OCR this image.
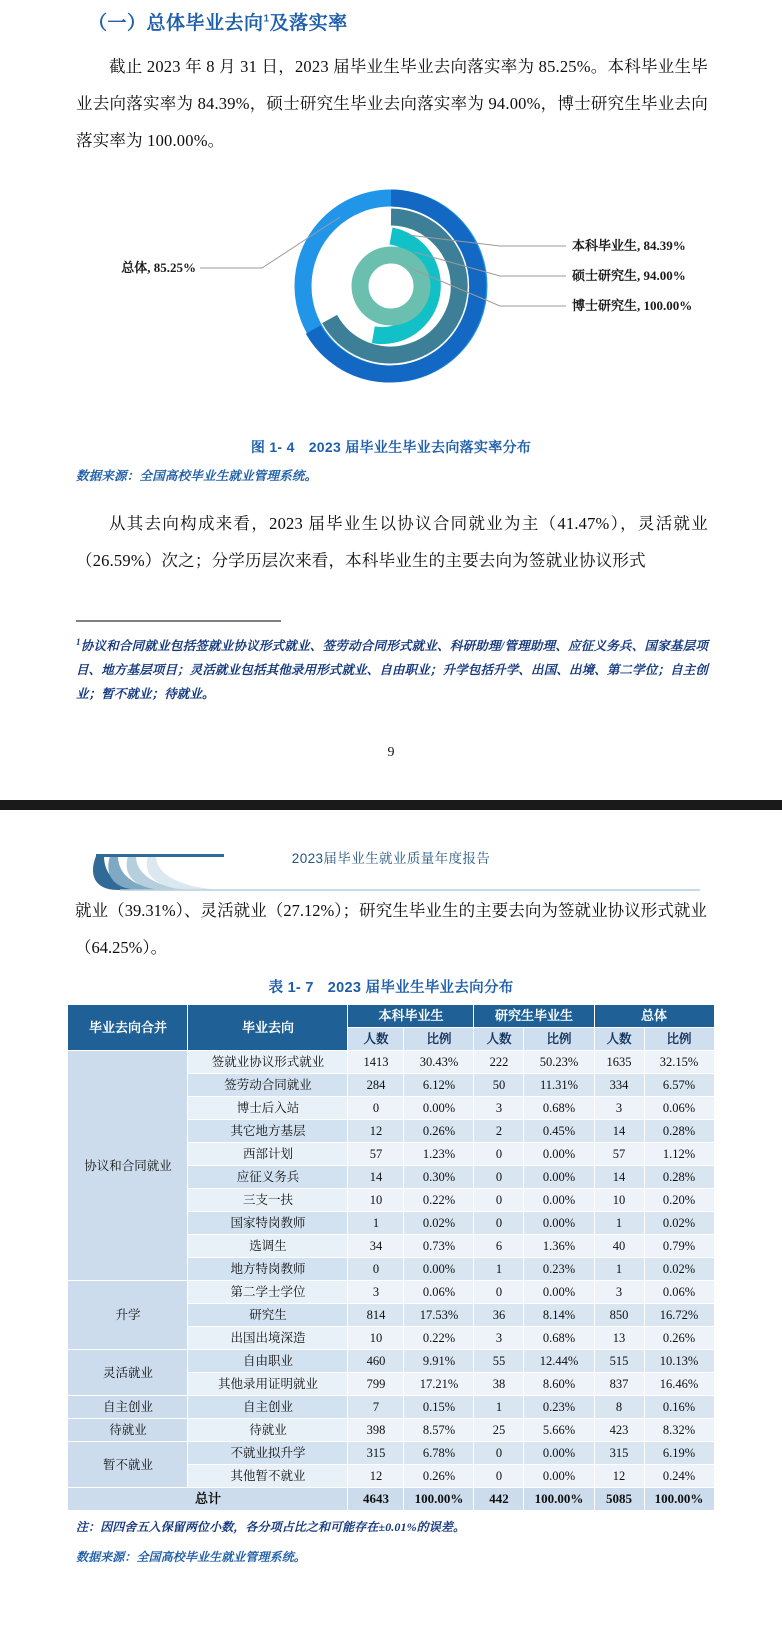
（一）总体毕业去向$^1$及落实率
截止 2023 年 8 月 31 日，2023 届毕业生毕业去向落实率为 85.25%。本科毕业生毕业去向落实率为 84.39%，硕士研究生毕业去向落实率为 94.00%，博士研究生毕业去向落实率为 100.00%。
总体, 85.25%
本科毕业生, 84.39%
硕士研究生, 94.00%
博士研究生, 100.00%
图 1- 4 2023 届毕业生毕业去向落实率分布
数据来源：全国高校毕业生就业管理系统。
从其去向构成来看，2023 届毕业生以协议合同就业为主（41.47%），灵活就业（26.59%）次之；分学历层次来看，本科毕业生的主要去向为签就业协议形式
$^1$协议和合同就业包括签就业协议形式就业、签劳动合同形式就业、科研助理/管理助理、应征义务兵、国家基层项目、地方基层项目；灵活就业包括其他录用形式就业、自由职业；升学包括升学、出国、出境、第二学位；自主创业；暂不就业；待就业。
9
2023届毕业生就业质量年度报告
就业（39.31%）、灵活就业（27.12%）；研究生毕业生的主要去向为签就业协议形式就业（64.25%）。
表 1- 7 2023 届毕业生毕业去向分布
毕业去向合并	毕业去向	本科毕业生		研究生毕业生		总体	
		人数	比例	人数	比例	人数	比例
协议和合同就业	签就业协议形式就业	1413	30.43%	222	50.23%	1635	32.15%
	签劳动合同就业	284	6.12%	50	11.31%	334	6.57%
	博士后入站	0	0.00%	3	0.68%	3	0.06%
	其它地方基层	12	0.26%	2	0.45%	14	0.28%
	西部计划	57	1.23%	0	0.00%	57	1.12%
	应征义务兵	14	0.30%	0	0.00%	14	0.28%
	三支一扶	10	0.22%	0	0.00%	10	0.20%
	国家特岗教师	1	0.02%	0	0.00%	1	0.02%
	选调生	34	0.73%	6	1.36%	40	0.79%
	地方特岗教师	0	0.00%	1	0.23%	1	0.02%
升学	第二学士学位	3	0.06%	0	0.00%	3	0.06%
	研究生	814	17.53%	36	8.14%	850	16.72%
	出国出境深造	10	0.22%	3	0.68%	13	0.26%
灵活就业	自由职业	460	9.91%	55	12.44%	515	10.13%
	其他录用证明就业	799	17.21%	38	8.60%	837	16.46%
自主创业	自主创业	7	0.15%	1	0.23%	8	0.16%
待就业	待就业	398	8.57%	25	5.66%	423	8.32%
暂不就业	不就业拟升学	315	6.78%	0	0.00%	315	6.19%
	其他暂不就业	12	0.26%	0	0.00%	12	0.24%
总计		4643	100.00%	442	100.00%	5085	100.00%
注：因四舍五入保留两位小数，各分项占比之和可能存在±0.01%的误差。
数据来源：全国高校毕业生就业管理系统。
